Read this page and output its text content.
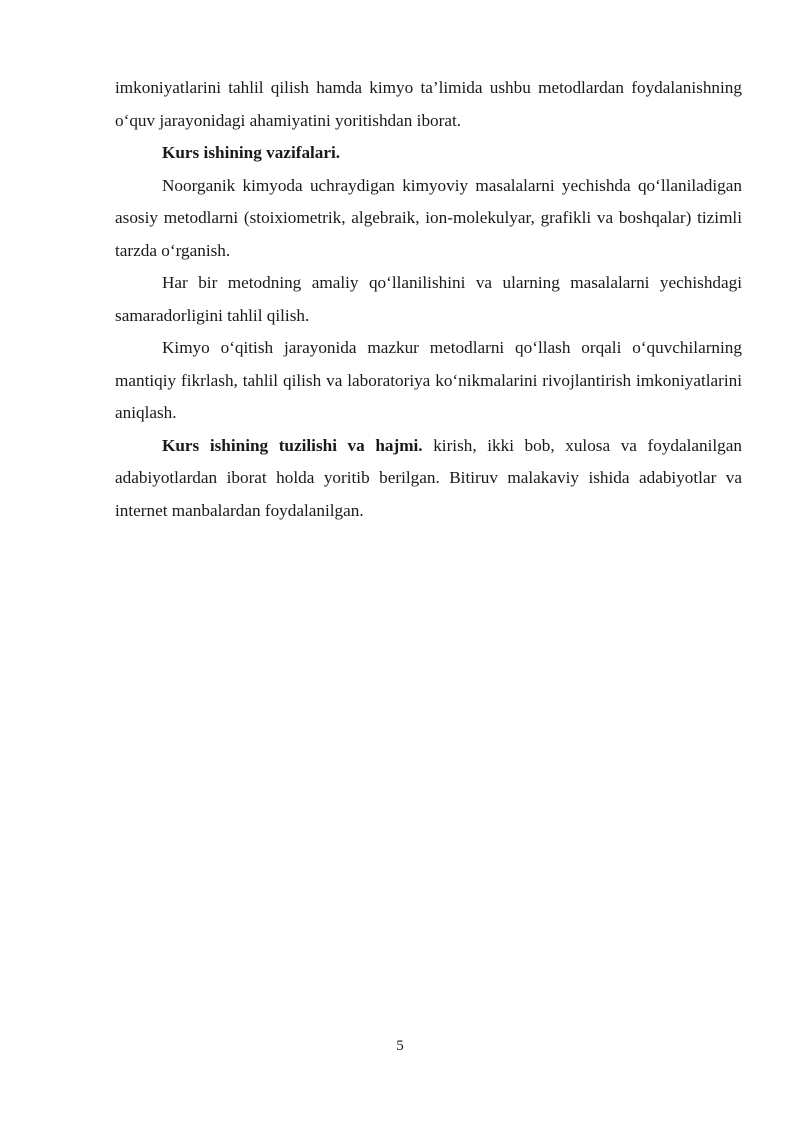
imkoniyatlarini tahlil qilish hamda kimyo ta’limida ushbu metodlardan foydalanishning o‘quv jarayonidagi ahamiyatini yoritishdan iborat.

Kurs ishining vazifalari.

Noorganik kimyoda uchraydigan kimyoviy masalalarni yechishda qo‘llaniladigan asosiy metodlarni (stoixiometrik, algebraik, ion-molekulyar, grafikli va boshqalar) tizimli tarzda o‘rganish.

Har bir metodning amaliy qo‘llanilishini va ularning masalalarni yechishdagi samaradorligini tahlil qilish.

Kimyo o‘qitish jarayonida mazkur metodlarni qo‘llash orqali o‘quvchilarning mantiqiy fikrlash, tahlil qilish va laboratoriya ko‘nikmalarini rivojlantirish imkoniyatlarini aniqlash.

Kurs ishining tuzilishi va hajmi. kirish, ikki bob, xulosa va foydalanilgan adabiyotlardan iborat holda yoritib berilgan. Bitiruv malakaviy ishida adabiyotlar va internet manbalardan foydalanilgan.

5
